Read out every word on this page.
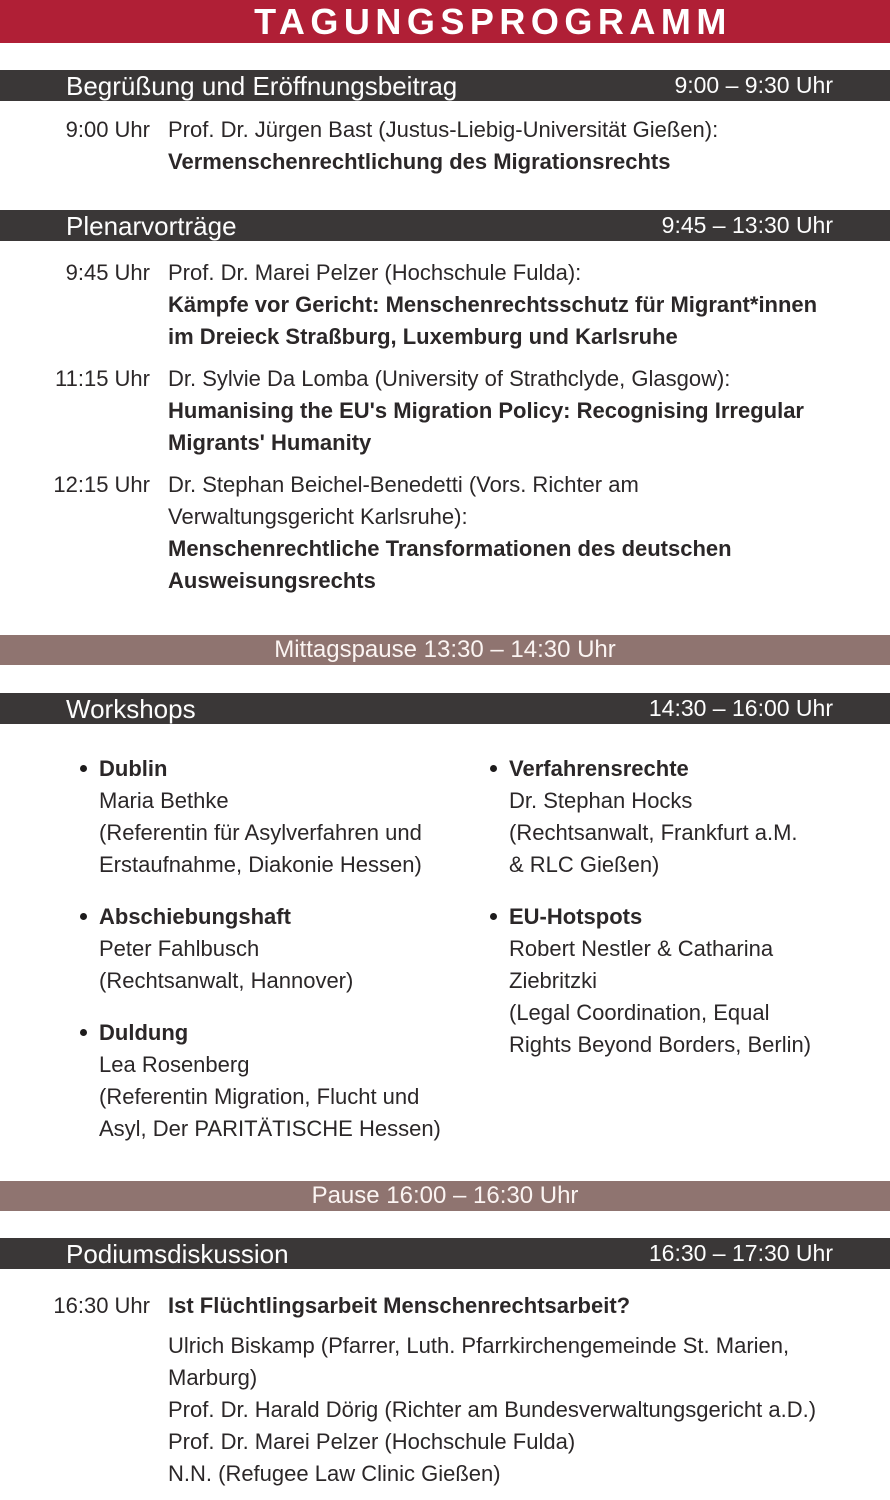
TAGUNGSPROGRAMM
Begrüßung und Eröffnungsbeitrag	9:00 – 9:30 Uhr
9:00 Uhr Prof. Dr. Jürgen Bast (Justus-Liebig-Universität Gießen):
Vermenschenrechtlichung des Migrationsrechts
Plenarvorträge	9:45 – 13:30 Uhr
9:45 Uhr Prof. Dr. Marei Pelzer (Hochschule Fulda):
Kämpfe vor Gericht: Menschenrechtsschutz für Migrant*innen
im Dreieck Straßburg, Luxemburg und Karlsruhe
11:15 Uhr Dr. Sylvie Da Lomba (University of Strathclyde, Glasgow):
Humanising the EU's Migration Policy: Recognising Irregular
Migrants' Humanity
12:15 Uhr Dr. Stephan Beichel-Benedetti (Vors. Richter am
Verwaltungsgericht Karlsruhe):
Menschenrechtliche Transformationen des deutschen
Ausweisungsrechts
Mittagspause 13:30 – 14:30 Uhr
Workshops	14:30 – 16:00 Uhr
Dublin
Maria Bethke
(Referentin für Asylverfahren und
Erstaufnahme, Diakonie Hessen)
Abschiebungshaft
Peter Fahlbusch
(Rechtsanwalt, Hannover)
Duldung
Lea Rosenberg
(Referentin Migration, Flucht und
Asyl, Der PARITÄTISCHE Hessen)
Verfahrensrechte
Dr. Stephan Hocks
(Rechtsanwalt, Frankfurt a.M.
& RLC Gießen)
EU-Hotspots
Robert Nestler & Catharina
Ziebritzki
(Legal Coordination, Equal
Rights Beyond Borders, Berlin)
Pause 16:00 – 16:30 Uhr
Podiumsdiskussion	16:30 – 17:30 Uhr
16:30 Uhr Ist Flüchtlingsarbeit Menschenrechtsarbeit?
Ulrich Biskamp (Pfarrer, Luth. Pfarrkirchengemeinde St. Marien,
Marburg)
Prof. Dr. Harald Dörig (Richter am Bundesverwaltungsgericht a.D.)
Prof. Dr. Marei Pelzer (Hochschule Fulda)
N.N. (Refugee Law Clinic Gießen)
